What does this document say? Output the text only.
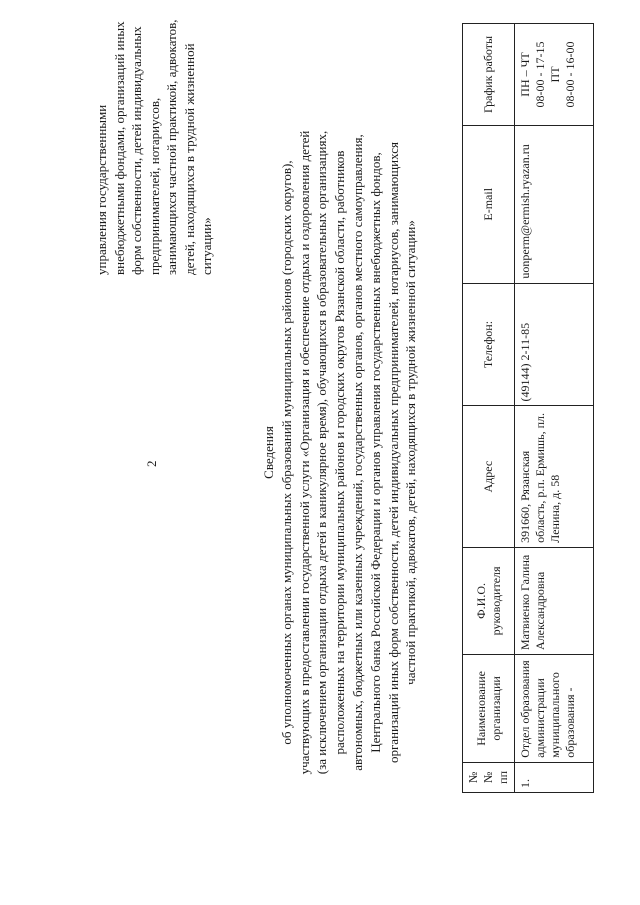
2
управления государственными внебюджетными фондами, организаций иных форм собственности, детей индивидуальных предпринимателей, нотариусов, занимающихся частной практикой, адвокатов, детей, находящихся в трудной жизненной ситуации»
Сведения об уполномоченных органах муниципальных образований муниципальных районов (городских округов), участвующих в предоставлении государственной услуги «Организация и обеспечение отдыха и оздоровления детей (за исключением организации отдыха детей в каникулярное время), обучающихся в образовательных организациях, расположенных на территории муниципальных районов и городских округов Рязанской области, работников автономных, бюджетных или казенных учреждений, государственных органов, органов местного самоуправления, Центрального банка Российской Федерации и органов управления государственных внебюджетных фондов, организаций иных форм собственности, детей индивидуальных предпринимателей, нотариусов, занимающихся частной практикой, адвокатов, детей, находящихся в трудной жизненной ситуации»
№№ пп	Наименование организации	Ф.И.О. руководителя	Адрес	Телефон:	E-mail	График работы
1.	Отдел образования администрации муниципального образования -	Матвиенко Галина Александровна	391660, Рязанская область, р.п. Ермишь, пл. Ленина, д. 58	(49144) 2-11-85	uonperm@ermish.ryazan.ru	ПН – ЧТ 08-00 - 17-15 ПТ 08-00 - 16-00
